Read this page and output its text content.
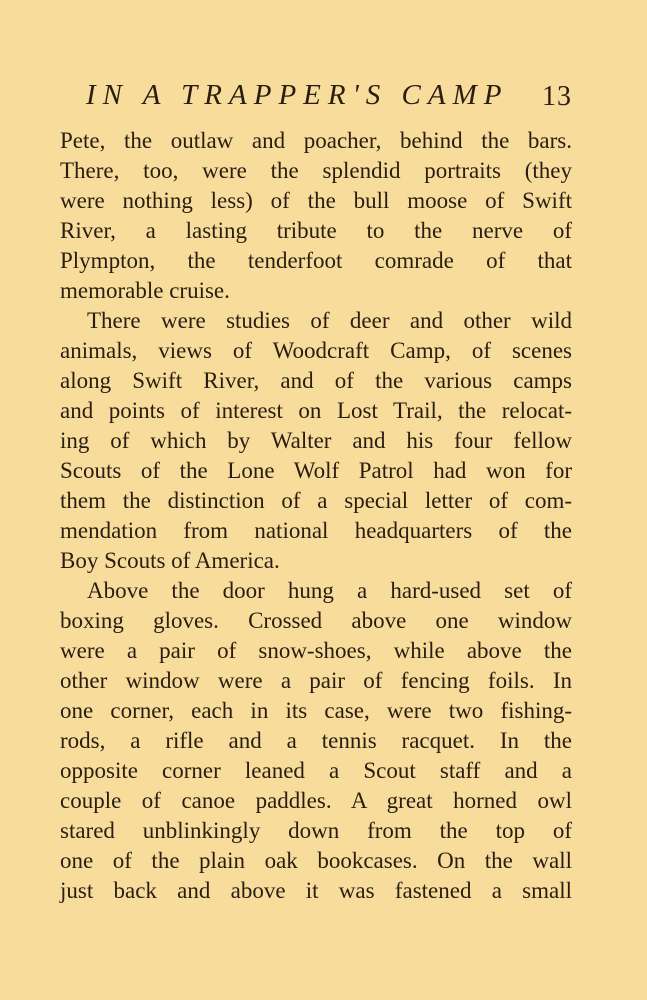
IN A TRAPPER'S CAMP 13
Pete, the outlaw and poacher, behind the bars.
There, too, were the splendid portraits (they
were nothing less) of the bull moose of Swift
River, a lasting tribute to the nerve of
Plympton, the tenderfoot comrade of that
memorable cruise.
There were studies of deer and other wild
animals, views of Woodcraft Camp, of scenes
along Swift River, and of the various camps
and points of interest on Lost Trail, the relocat-
ing of which by Walter and his four fellow
Scouts of the Lone Wolf Patrol had won for
them the distinction of a special letter of com-
mendation from national headquarters of the
Boy Scouts of America.
Above the door hung a hard-used set of
boxing gloves. Crossed above one window
were a pair of snow-shoes, while above the
other window were a pair of fencing foils. In
one corner, each in its case, were two fishing-
rods, a rifle and a tennis racquet. In the
opposite corner leaned a Scout staff and a
couple of canoe paddles. A great horned owl
stared unblinkingly down from the top of
one of the plain oak bookcases. On the wall
just back and above it was fastened a small
